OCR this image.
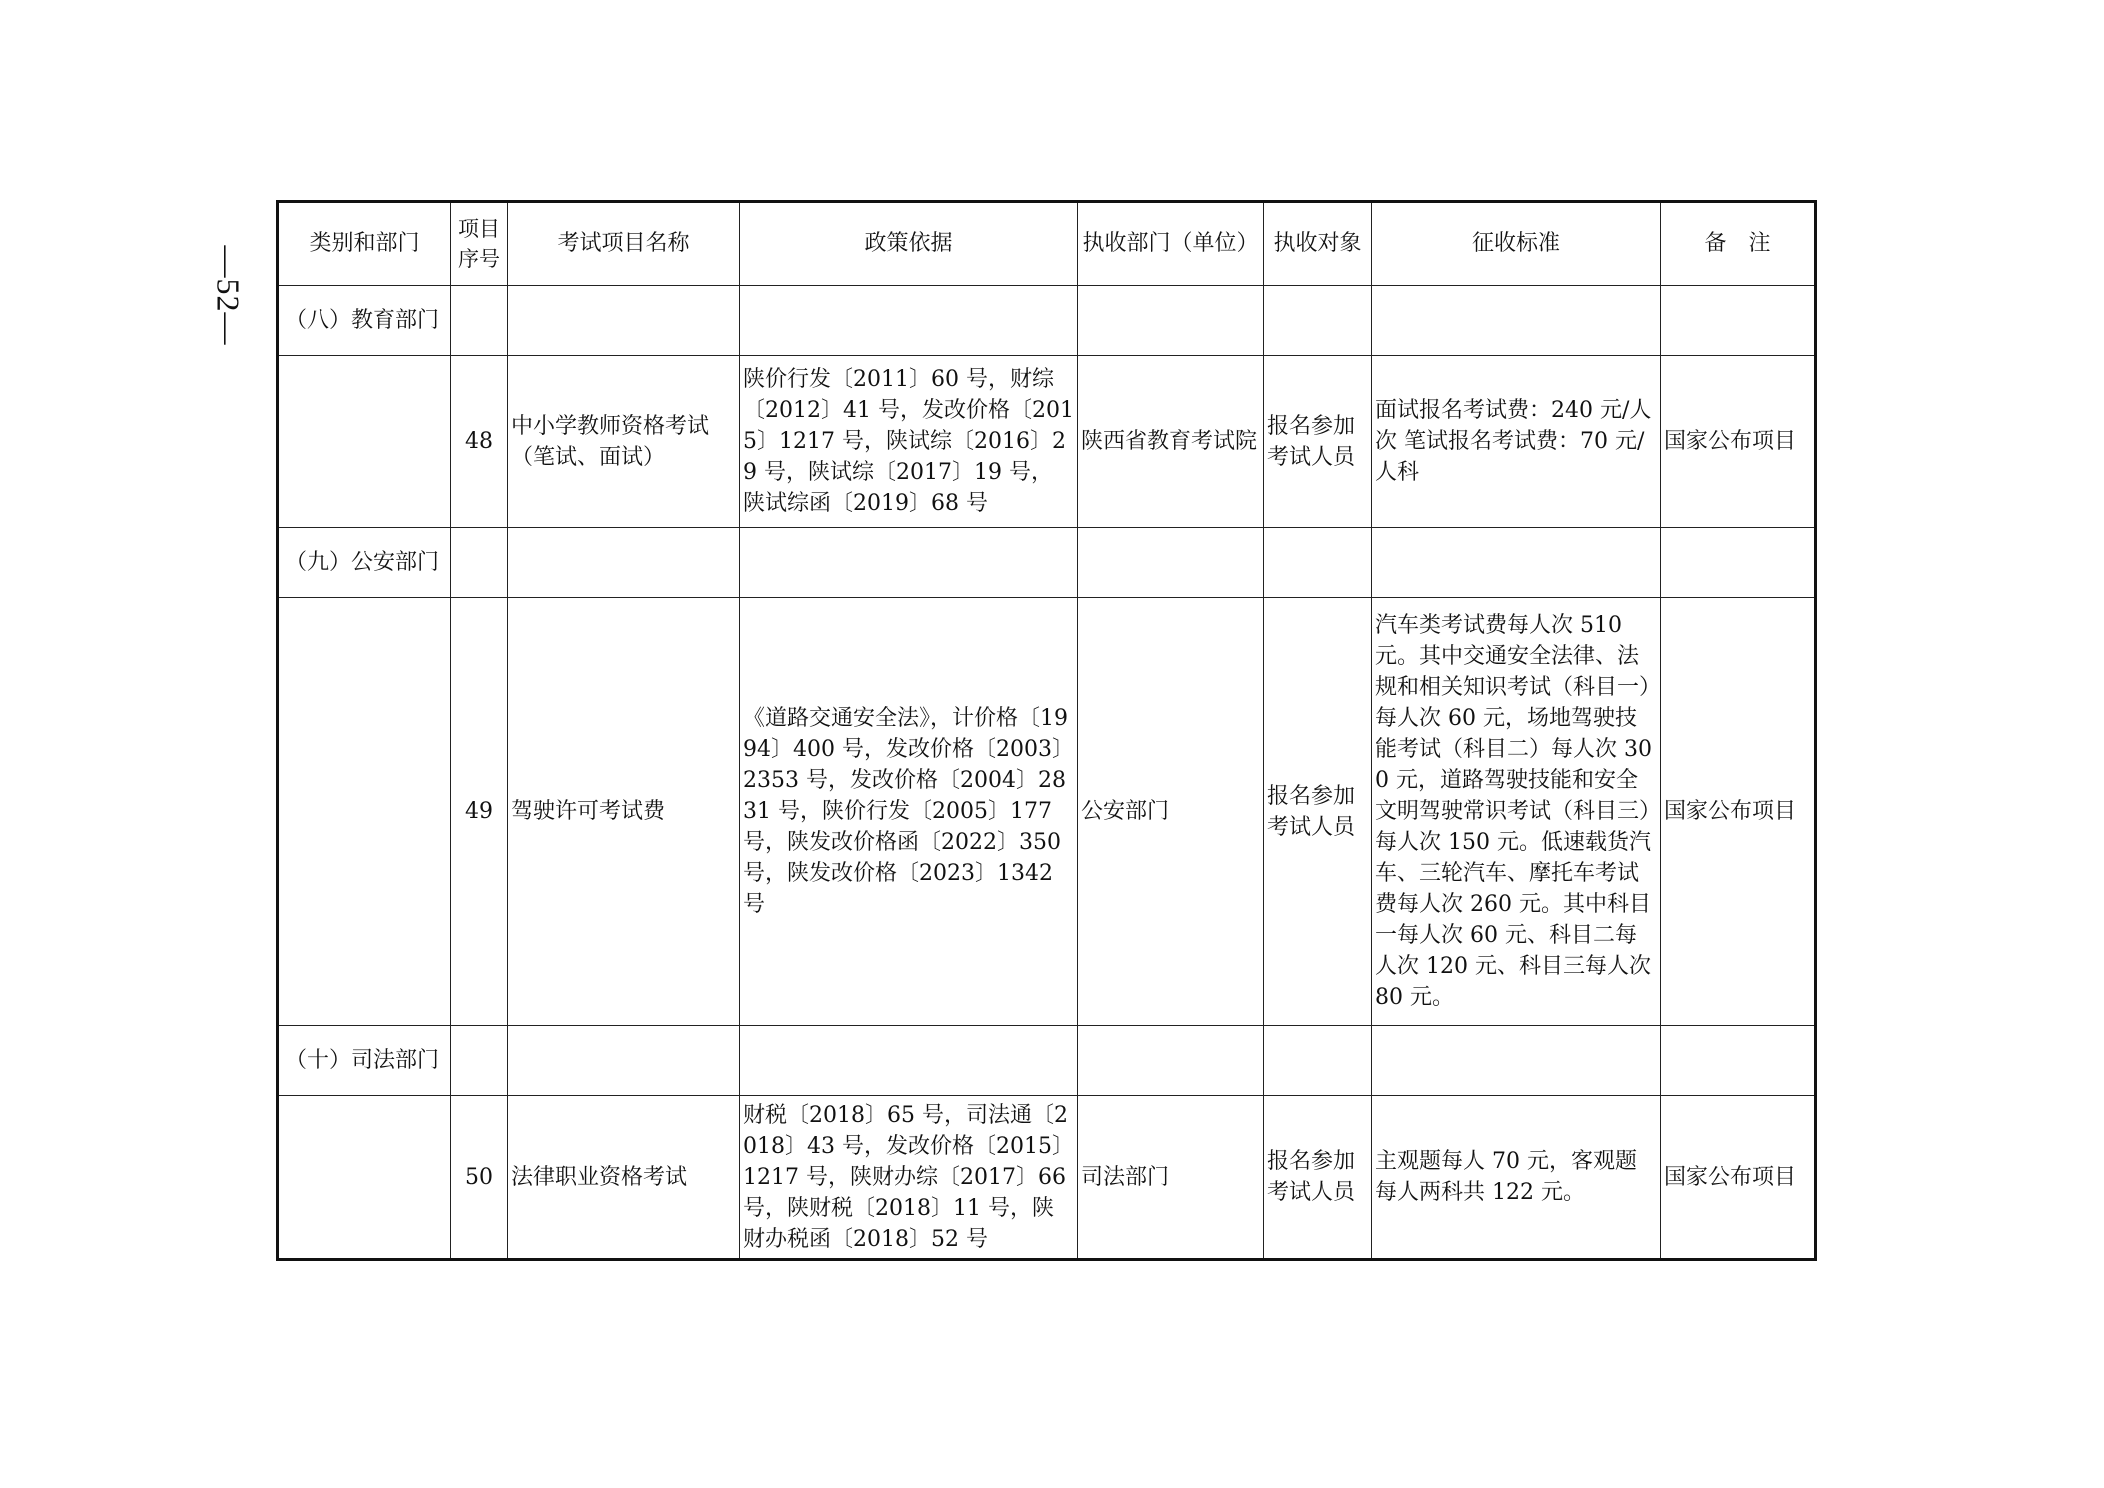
—52—
类别和部门	项目序号	考试项目名称	政策依据	执收部门（单位）	执收对象	征收标准	备　注
（八）教育部门							
	48	中小学教师资格考试（笔试、面试）	陕价行发〔2011〕60 号，财综〔2012〕41 号，发改价格〔2015〕1217 号，陕试综〔2016〕29 号，陕试综〔2017〕19 号，陕试综函〔2019〕68 号	陕西省教育考试院	报名参加考试人员	面试报名考试费：240 元/人次 笔试报名考试费：70 元/人科	国家公布项目
（九）公安部门							
	49	驾驶许可考试费	《道路交通安全法》，计价格〔1994〕400 号，发改价格〔2003〕2353 号，发改价格〔2004〕2831 号，陕价行发〔2005〕177 号，陕发改价格函〔2022〕350 号，陕发改价格〔2023〕1342 号	公安部门	报名参加考试人员	汽车类考试费每人次 510 元。其中交通安全法律、法规和相关知识考试（科目一）每人次 60 元，场地驾驶技能考试（科目二）每人次 300 元，道路驾驶技能和安全文明驾驶常识考试（科目三）每人次 150 元。低速载货汽车、三轮汽车、摩托车考试费每人次 260 元。其中科目一每人次 60 元、科目二每人次 120 元、科目三每人次 80 元。	国家公布项目
（十）司法部门							
	50	法律职业资格考试	财税〔2018〕65 号，司法通〔2018〕43 号，发改价格〔2015〕1217 号，陕财办综〔2017〕66 号，陕财税〔2018〕11 号，陕财办税函〔2018〕52 号	司法部门	报名参加考试人员	主观题每人 70 元，客观题每人两科共 122 元。	国家公布项目
